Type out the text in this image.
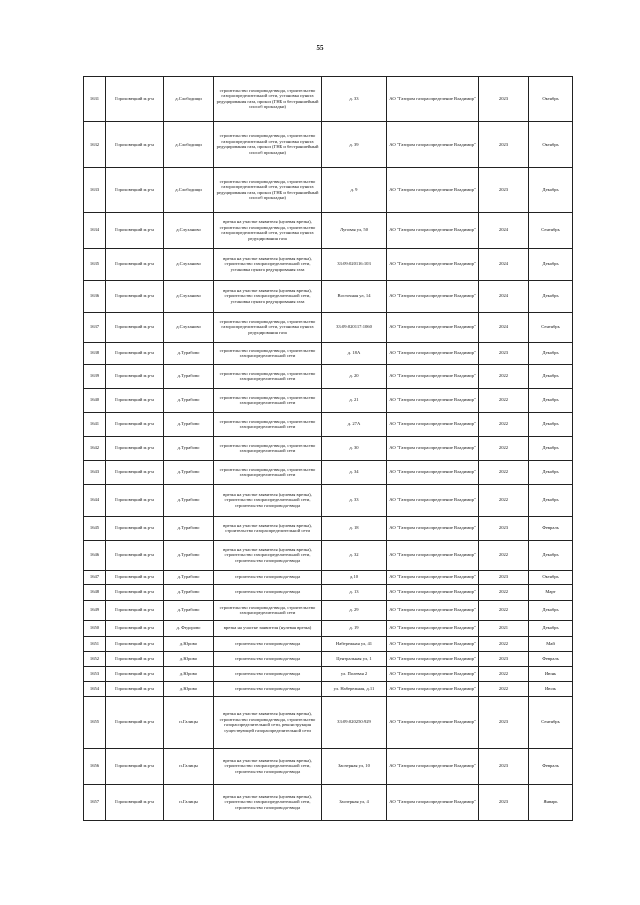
55
1631	Гороховецкий м.р-н	д.Слободищи	строительство газопровода-ввода, строительство газораспределительной сети, установка пункта редуцирования газа, прокол (ГНБ и бестраншейный способ прокладки)	д. 33	АО "Газпром газораспределение Владимир"	2023	Октябрь
1632	Гороховецкий м.р-н	д.Слободищи	строительство газопровода-ввода, строительство газораспределительной сети, установка пункта редуцирования газа, прокол (ГНБ и бестраншейный способ прокладки)	д. 39	АО "Газпром газораспределение Владимир"	2023	Октябрь
1633	Гороховецкий м.р-н	д.Слободищи	строительство газопровода-ввода, строительство газораспределительной сети, установка пункта редуцирования газа, прокол (ГНБ и бестраншейный способ прокладки)	д. 9	АО "Газпром газораспределение Владимир"	2023	Декабрь
1634	Гороховецкий м.р-н	д.Слуханово	врезка на участке заявителя (нулевая врезка), строительство газопровода-ввода, строительство газораспределительной сети, установка пункта редуцирования газа	Луговая ул, 50	АО "Газпром газораспределение Владимир"	2024	Сентябрь
1635	Гороховецкий м.р-н	д.Слуханово	врезка на участке заявителя (нулевая врезка), строительство газораспределительной сети, установка пункта редуцирования газа	33:09:020116:103	АО "Газпром газораспределение Владимир"	2024	Декабрь
1636	Гороховецкий м.р-н	д.Слуханово	врезка на участке заявителя (нулевая врезка), строительство газораспределительной сети, установка пункта редуцирования газа	Восточная ул, 14	АО "Газпром газораспределение Владимир"	2024	Декабрь
1637	Гороховецкий м.р-н	д.Слуханово	строительство газопровода-ввода, строительство газораспределительной сети, установка пункта редуцирования газа	33:09:020117:1060	АО "Газпром газораспределение Владимир"	2024	Сентябрь
1638	Гороховецкий м.р-н	д.Турабово	строительство газопровода-ввода, строительство газораспределительной сети	д. 18А	АО "Газпром газораспределение Владимир"	2023	Декабрь
1639	Гороховецкий м.р-н	д.Турабово	строительство газопровода-ввода, строительство газораспределительной сети	д. 20	АО "Газпром газораспределение Владимир"	2022	Декабрь
1640	Гороховецкий м.р-н	д.Турабово	строительство газопровода-ввода, строительство газораспределительной сети	д. 21	АО "Газпром газораспределение Владимир"	2022	Декабрь
1641	Гороховецкий м.р-н	д.Турабово	строительство газопровода-ввода, строительство газораспределительной сети	д. 27А	АО "Газпром газораспределение Владимир"	2022	Декабрь
1642	Гороховецкий м.р-н	д.Турабово	строительство газопровода-ввода, строительство газораспределительной сети	д. 30	АО "Газпром газораспределение Владимир"	2022	Декабрь
1643	Гороховецкий м.р-н	д.Турабово	строительство газопровода-ввода, строительство газораспределительной сети	д. 34	АО "Газпром газораспределение Владимир"	2022	Декабрь
1644	Гороховецкий м.р-н	д.Турабово	врезка на участке заявителя (нулевая врезка), строительство газораспределительной сети, строительство газопровода-ввода	д. 33	АО "Газпром газораспределение Владимир"	2022	Декабрь
1645	Гороховецкий м.р-н	д.Турабово	врезка на участке заявителя (нулевая врезка), строительство газораспределительной сети	д. 18	АО "Газпром газораспределение Владимир"	2023	Февраль
1646	Гороховецкий м.р-н	д.Турабово	врезка на участке заявителя (нулевая врезка), строительство газораспределительной сети, строительство газопровода-ввода	д. 32	АО "Газпром газораспределение Владимир"	2022	Декабрь
1647	Гороховецкий м.р-н	д.Турабово	строительство газопровода-ввода	д.10	АО "Газпром газораспределение Владимир"	2023	Октябрь
1648	Гороховецкий м.р-н	д.Турабово	строительство газопровода-ввода	д. 13	АО "Газпром газораспределение Владимир"	2022	Март
1649	Гороховецкий м.р-н	д.Турабово	строительство газопровода-ввода, строительство газораспределительной сети	д. 29	АО "Газпром газораспределение Владимир"	2022	Декабрь
1650	Гороховецкий м.р-н	д. Федорово	врезка на участке заявителя (нулевая врезка)	д. 19	АО "Газпром газораспределение Владимир"	2021	Декабрь
1651	Гороховецкий м.р-н	д.Юрово	строительство газопровода-ввода	Набережная ул, 41	АО "Газпром газораспределение Владимир"	2022	Май
1652	Гороховецкий м.р-н	д.Юрово	строительство газопровода-ввода	Центральная ул, 1	АО "Газпром газораспределение Владимир"	2023	Февраль
1653	Гороховецкий м.р-н	д.Юрово	строительство газопровода-ввода	ул. Полевая 2	АО "Газпром газораспределение Владимир"	2022	Июнь
1654	Гороховецкий м.р-н	д.Юрово	строительство газопровода-ввода	ул. Набережная, д.11	АО "Газпром газораспределение Владимир"	2022	Июль
1655	Гороховецкий м.р-н	п.Галицы	врезка на участке заявителя (нулевая врезка), строительство газопровода-ввода, строительство газораспределительной сети, реконструкция существующей газораспределительной сети	33:09:020250:929	АО "Газпром газораспределение Владимир"	2023	Сентябрь
1656	Гороховецкий м.р-н	п.Галицы	врезка на участке заявителя (нулевая врезка), строительство газораспределительной сети, строительство газопровода-ввода	Заозерная ул, 10	АО "Газпром газораспределение Владимир"	2023	Февраль
1657	Гороховецкий м.р-н	п.Галицы	врезка на участке заявителя (нулевая врезка), строительство газораспределительной сети, строительство газопровода-ввода	Заозерная ул, 4	АО "Газпром газораспределение Владимир"	2023	Январь
